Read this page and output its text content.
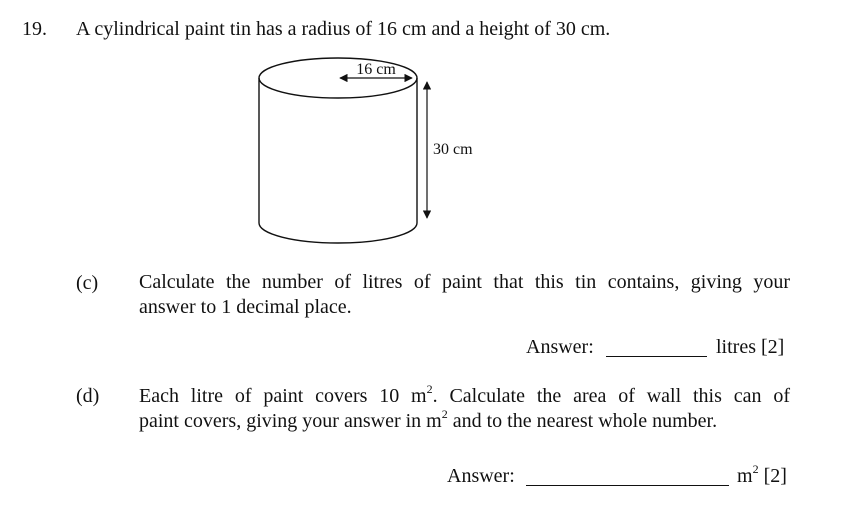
19. A cylindrical paint tin has a radius of 16 cm and a height of 30 cm.
16 cm
30 cm
(c) Calculate the number of litres of paint that this tin contains, giving your
answer to 1 decimal place.
Answer:	litres [2]
(d) Each litre of paint covers 10 $m^2$. Calculate the area of wall this can of
paint covers, giving your answer in $m^2$ and to the nearest whole number.
Answer:	$m^2$ [2]
